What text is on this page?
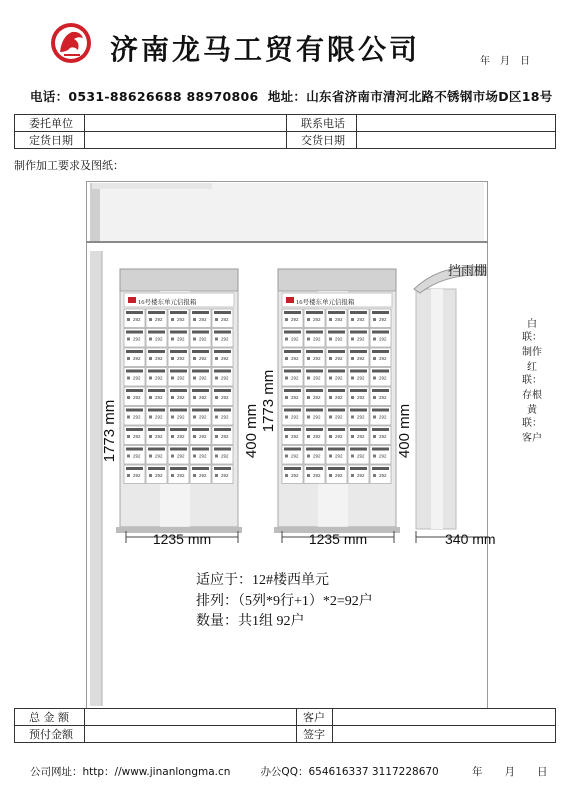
济南龙马工贸有限公司	年 月 日
电话：0531-88626688 88970806 地址：山东省济南市清河北路不锈钢市场D区18号
委托单位		联系电话	
定货日期		交货日期	
制作加工要求及图纸：
16号楼东单元信报箱
292	292	292	292	292
292	292	292	292	292
292	292	292	292	292
292	292	292	292	292
292	292	292	292	292
292	292	292	292	292
292	292	292	292	292
292	292	292	292	292
292	292	292	292	292
16号楼东单元信报箱
292	292	292	292	292
292	292	292	292	292
292	292	292	292	292
292	292	292	292	292
292	292	292	292	292
292	292	292	292	292
292	292	292	292	292
292	292	292	292	292
292	292	292	292	292
挡雨棚
1773 mm	400 mm 1773 mm	400 mm
1235 mm	1235 mm	340 mm
适应于：12#楼西单元
排列：（5列*9行+1）*2=92户
数量：共1组 92户
白联：
制作
红联：
存根
黄联：
客户
总 金 额		客户	
预付金额		签字	
公司网址：http：//www.jinanlongma.cn	办公QQ：654616337 3117228670	年 月 日
